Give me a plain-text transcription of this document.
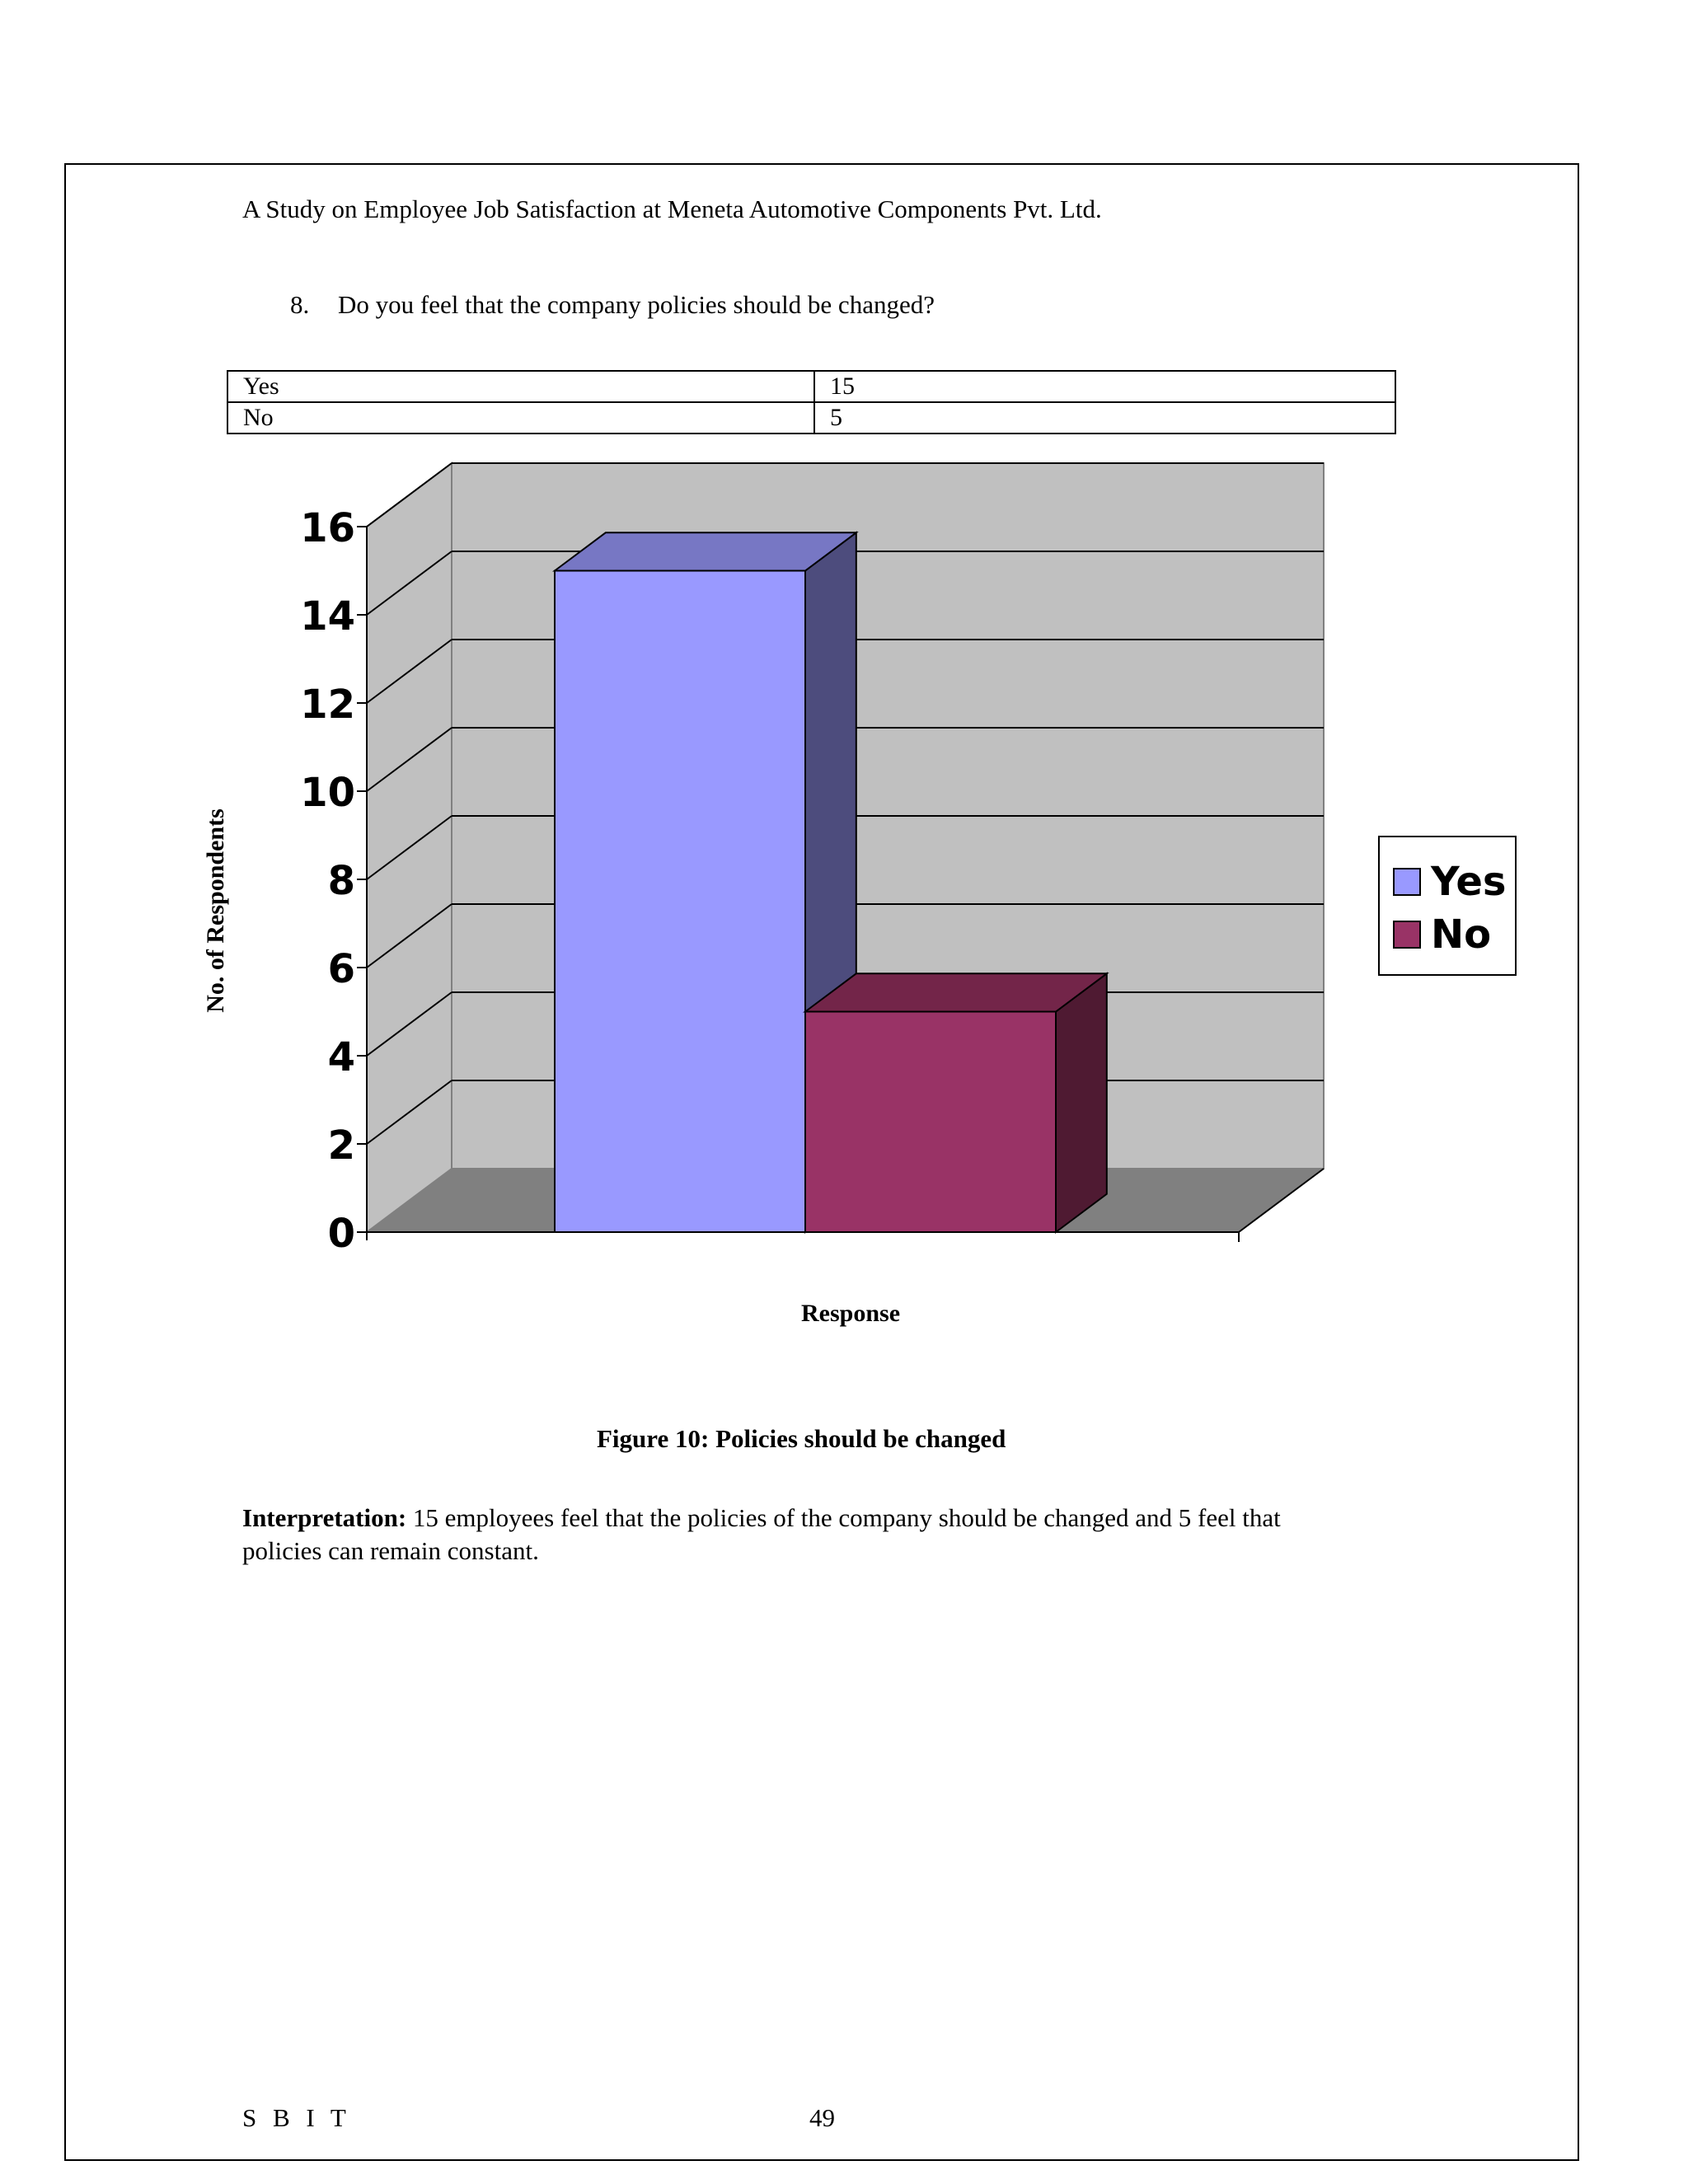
A Study on Employee Job Satisfaction at Meneta Automotive Components Pvt. Ltd.
8. Do you feel that the company policies should be changed?
Yes	15
No	5
0
2
4
6
8
10
12
14
16
No. of Respondents
Response
Yes
No
Figure 10: Policies should be changed
Interpretation: 15 employees feel that the policies of the company should be changed and 5 feel that policies can remain constant.
S B I T	49
